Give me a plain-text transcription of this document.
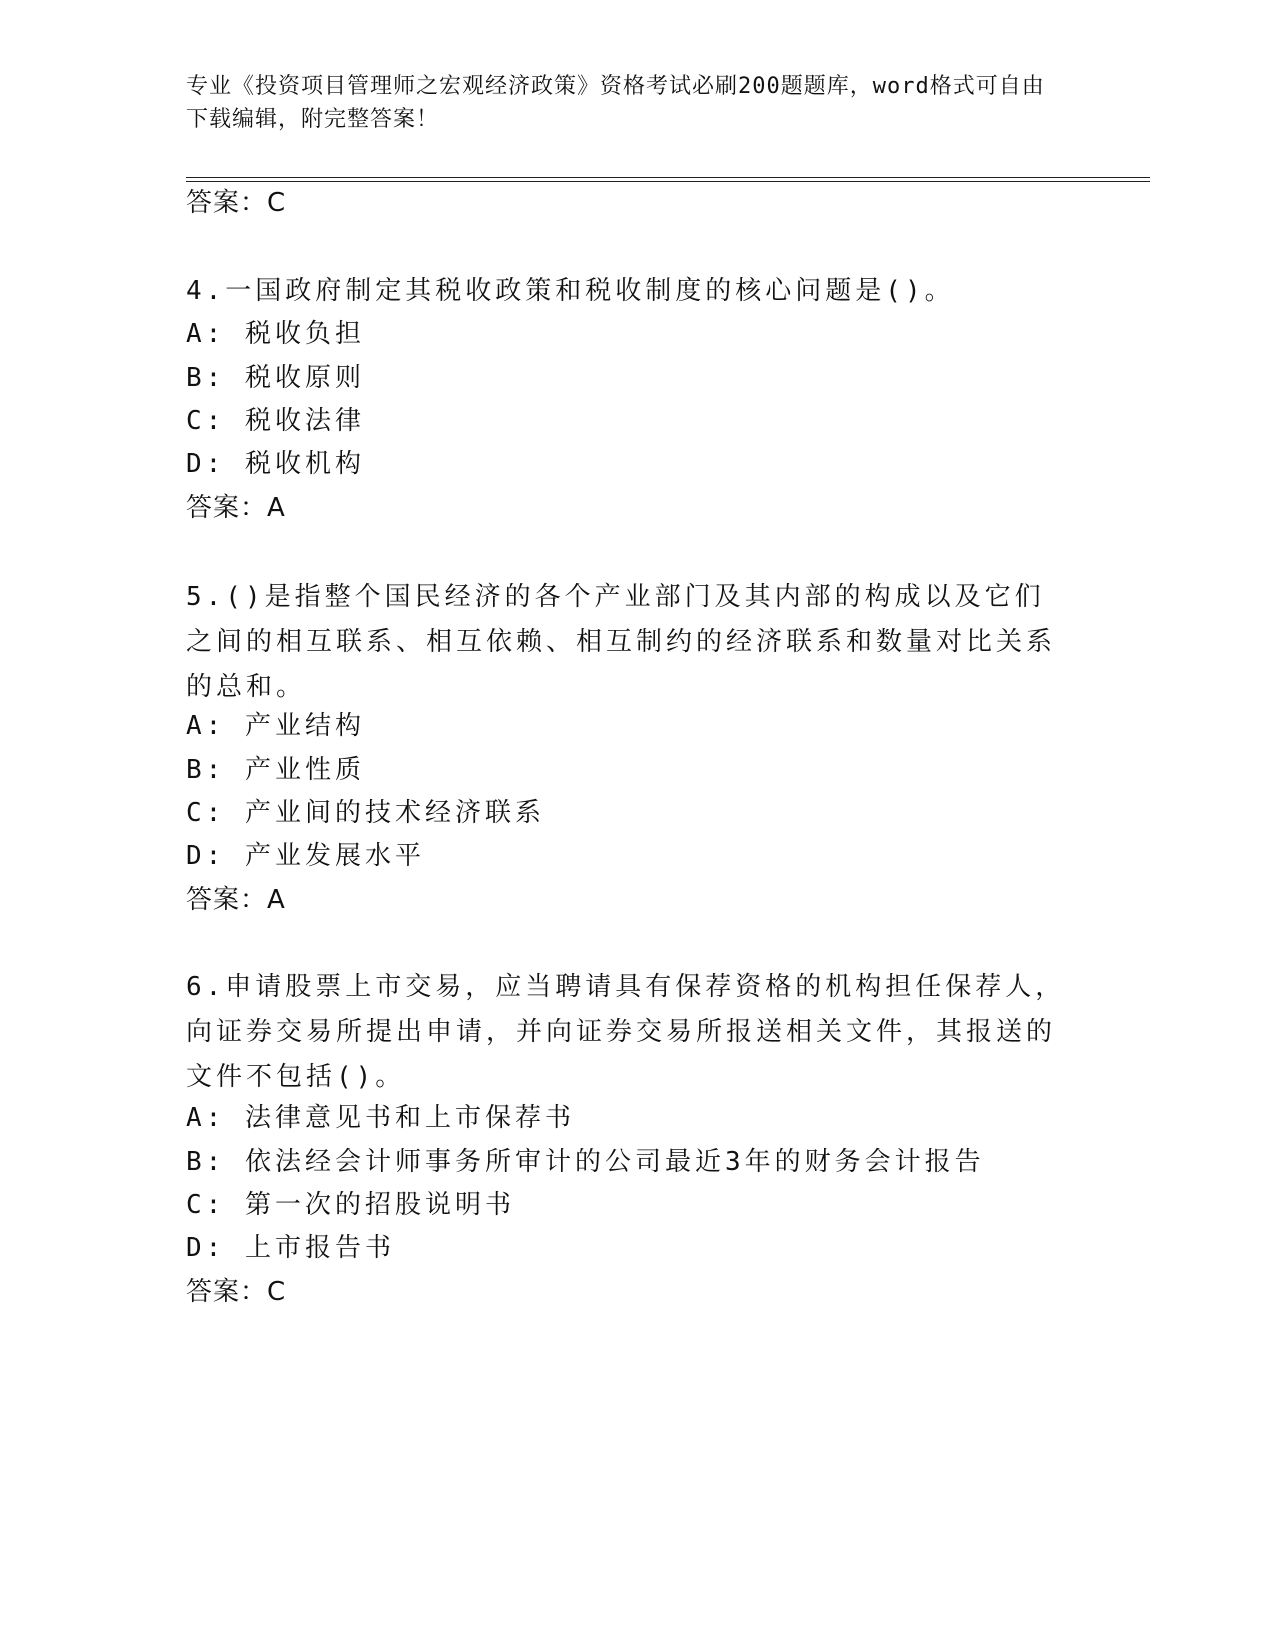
专业《投资项目管理师之宏观经济政策》资格考试必刷200题题库，word格式可自由下载编辑，附完整答案！
答案：C
4.一国政府制定其税收政策和税收制度的核心问题是()。
A: 税收负担
B: 税收原则
C: 税收法律
D: 税收机构
答案：A
5.()是指整个国民经济的各个产业部门及其内部的构成以及它们之间的相互联系、相互依赖、相互制约的经济联系和数量对比关系的总和。
A: 产业结构
B: 产业性质
C: 产业间的技术经济联系
D: 产业发展水平
答案：A
6.申请股票上市交易，应当聘请具有保荐资格的机构担任保荐人，向证券交易所提出申请，并向证券交易所报送相关文件，其报送的文件不包括()。
A: 法律意见书和上市保荐书
B: 依法经会计师事务所审计的公司最近3年的财务会计报告
C: 第一次的招股说明书
D: 上市报告书
答案：C
